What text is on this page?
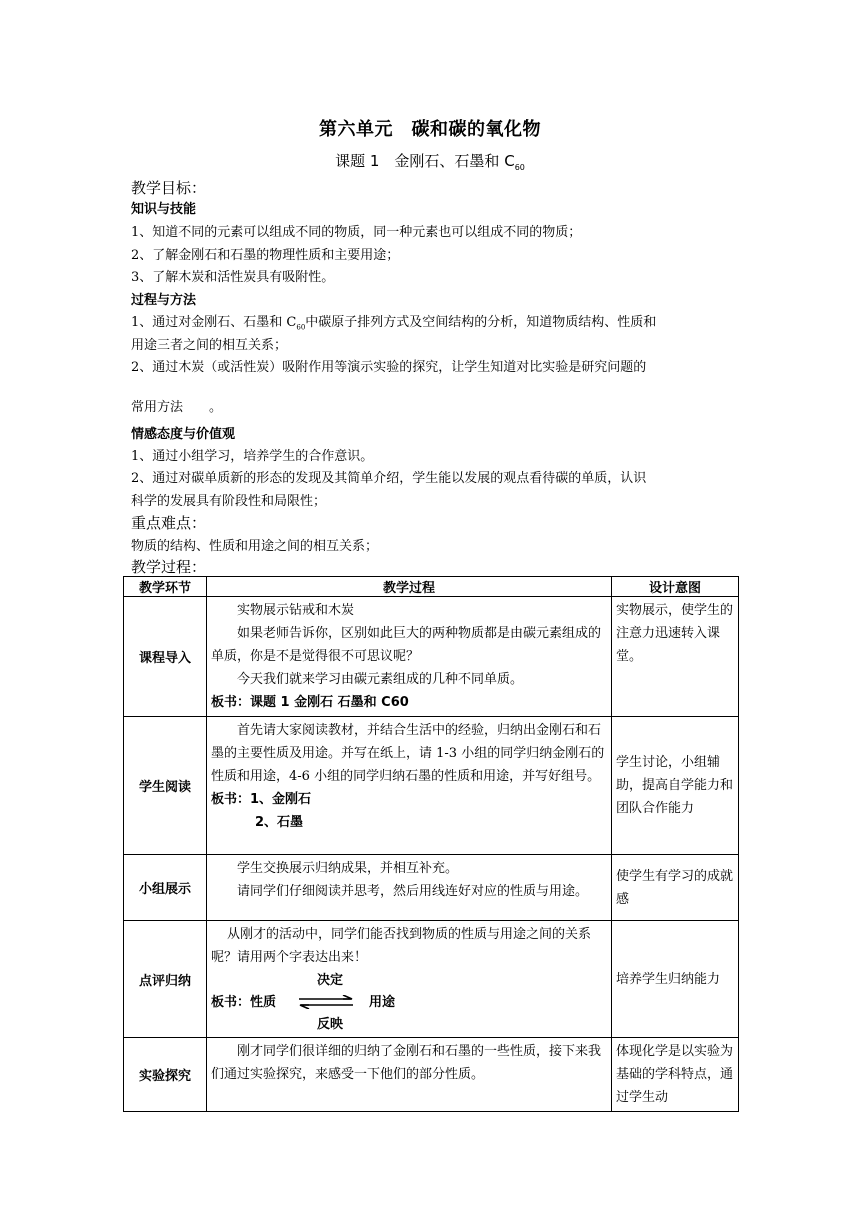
第六单元　碳和碳的氧化物
课题 1　金刚石、石墨和 $C_{60}$
教学目标：
知识与技能
1、知道不同的元素可以组成不同的物质，同一种元素也可以组成不同的物质；
2、了解金刚石和石墨的物理性质和主要用途；
3、了解木炭和活性炭具有吸附性。
过程与方法
1、通过对金刚石、石墨和 $C_{60}$中碳原子排列方式及空间结构的分析，知道物质结构、性质和
用途三者之间的相互关系；
2、通过木炭（或活性炭）吸附作用等演示实验的探究，让学生知道对比实验是研究问题的
常用方法　　。
情感态度与价值观
1、通过小组学习，培养学生的合作意识。
2、通过对碳单质新的形态的发现及其简单介绍，学生能以发展的观点看待碳的单质，认识
科学的发展具有阶段性和局限性；
重点难点：
物质的结构、性质和用途之间的相互关系；
教学过程：
教学环节	教学过程	设计意图
课程导入	实物展示钻戒和木炭

如果老师告诉你，区别如此巨大的两种物质都是由碳元素组成的单质，你是不是觉得很不可思议呢？

今天我们就来学习由碳元素组成的几种不同单质。

板书：课题 1 金刚石 石墨和 C60	实物展示，使学生的注意力迅速转入课堂。
学生阅读	首先请大家阅读教材，并结合生活中的经验，归纳出金刚石和石墨的主要性质及用途。并写在纸上，请 1-3 小组的同学归纳金刚石的性质和用途，4-6 小组的同学归纳石墨的性质和用途，并写好组号。

板书：1、金刚石
2、石墨	学生讨论，小组辅助，提高自学能力和团队合作能力
小组展示	学生交换展示归纳成果，并相互补充。

请同学们仔细阅读并思考，然后用线连好对应的性质与用途。	使学生有学习的成就感
点评归纳	从刚才的活动中，同学们能否找到物质的性质与用途之间的关系呢？请用两个字表达出来！

决定
板书：性质 用途
反映	培养学生归纳能力
实验探究	刚才同学们很详细的归纳了金刚石和石墨的一些性质，接下来我们通过实验探究，来感受一下他们的部分性质。	体现化学是以实验为基础的学科特点，通过学生动
